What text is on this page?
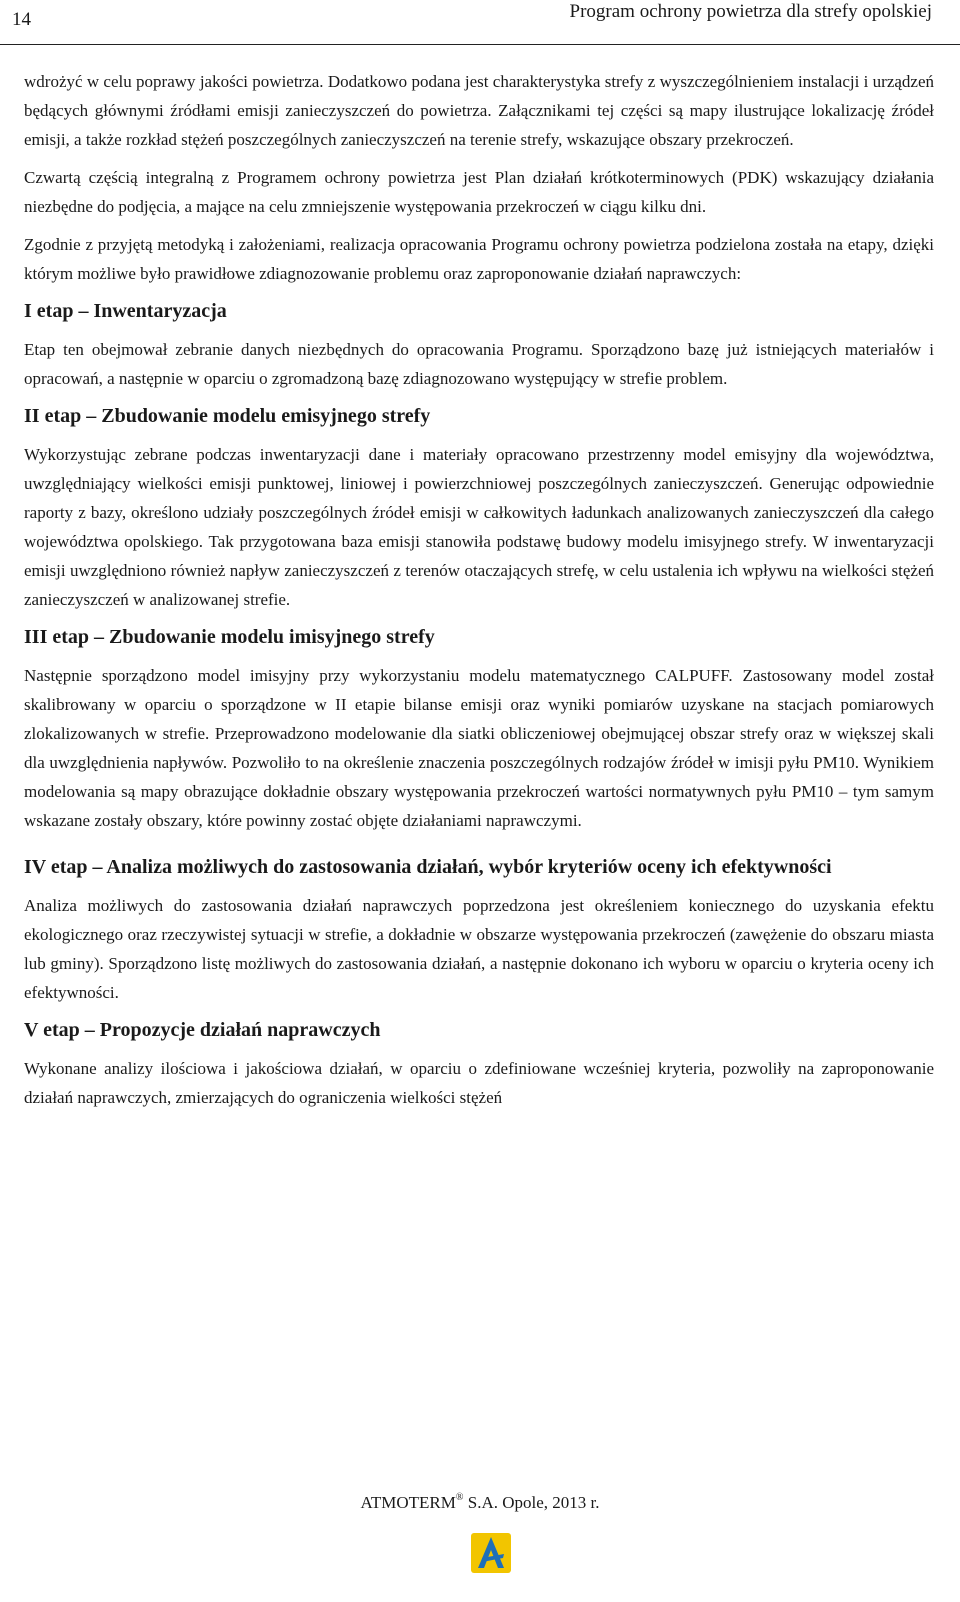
14	Program ochrony powietrza dla strefy opolskiej

wdrożyć w celu poprawy jakości powietrza. Dodatkowo podana jest charakterystyka strefy z wyszczególnieniem instalacji i urządzeń będących głównymi źródłami emisji zanieczyszczeń do powietrza. Załącznikami tej części są mapy ilustrujące lokalizację źródeł emisji, a także rozkład stężeń poszczególnych zanieczyszczeń na terenie strefy, wskazujące obszary przekroczeń.

Czwartą częścią integralną z Programem ochrony powietrza jest Plan działań krótkoterminowych (PDK) wskazujący działania niezbędne do podjęcia, a mające na celu zmniejszenie występowania przekroczeń w ciągu kilku dni.

Zgodnie z przyjętą metodyką i założeniami, realizacja opracowania Programu ochrony powietrza podzielona została na etapy, dzięki którym możliwe było prawidłowe zdiagnozowanie problemu oraz zaproponowanie działań naprawczych:

I etap – Inwentaryzacja

Etap ten obejmował zebranie danych niezbędnych do opracowania Programu. Sporządzono bazę już istniejących materiałów i opracowań, a następnie w oparciu o zgromadzoną bazę zdiagnozowano występujący w strefie problem.

II etap – Zbudowanie modelu emisyjnego strefy

Wykorzystując zebrane podczas inwentaryzacji dane i materiały opracowano przestrzenny model emisyjny dla województwa, uwzględniający wielkości emisji punktowej, liniowej i powierzchniowej poszczególnych zanieczyszczeń. Generując odpowiednie raporty z bazy, określono udziały poszczególnych źródeł emisji w całkowitych ładunkach analizowanych zanieczyszczeń dla całego województwa opolskiego. Tak przygotowana baza emisji stanowiła podstawę budowy modelu imisyjnego strefy. W inwentaryzacji emisji uwzględniono również napływ zanieczyszczeń z terenów otaczających strefę, w celu ustalenia ich wpływu na wielkości stężeń zanieczyszczeń w analizowanej strefie.

III etap – Zbudowanie modelu imisyjnego strefy

Następnie sporządzono model imisyjny przy wykorzystaniu modelu matematycznego CALPUFF. Zastosowany model został skalibrowany w oparciu o sporządzone w II etapie bilanse emisji oraz wyniki pomiarów uzyskane na stacjach pomiarowych zlokalizowanych w strefie. Przeprowadzono modelowanie dla siatki obliczeniowej obejmującej obszar strefy oraz w większej skali dla uwzględnienia napływów. Pozwoliło to na określenie znaczenia poszczególnych rodzajów źródeł w imisji pyłu PM10. Wynikiem modelowania są mapy obrazujące dokładnie obszary występowania przekroczeń wartości normatywnych pyłu PM10 – tym samym wskazane zostały obszary, które powinny zostać objęte działaniami naprawczymi.

IV etap – Analiza możliwych do zastosowania działań, wybór kryteriów oceny ich efektywności

Analiza możliwych do zastosowania działań naprawczych poprzedzona jest określeniem koniecznego do uzyskania efektu ekologicznego oraz rzeczywistej sytuacji w strefie, a dokładnie w obszarze występowania przekroczeń (zawężenie do obszaru miasta lub gminy). Sporządzono listę możliwych do zastosowania działań, a następnie dokonano ich wyboru w oparciu o kryteria oceny ich efektywności.

V etap – Propozycje działań naprawczych

Wykonane analizy ilościowa i jakościowa działań, w oparciu o zdefiniowane wcześniej kryteria, pozwoliły na zaproponowanie działań naprawczych, zmierzających do ograniczenia wielkości stężeń

ATMOTERM® S.A. Opole, 2013 r.
